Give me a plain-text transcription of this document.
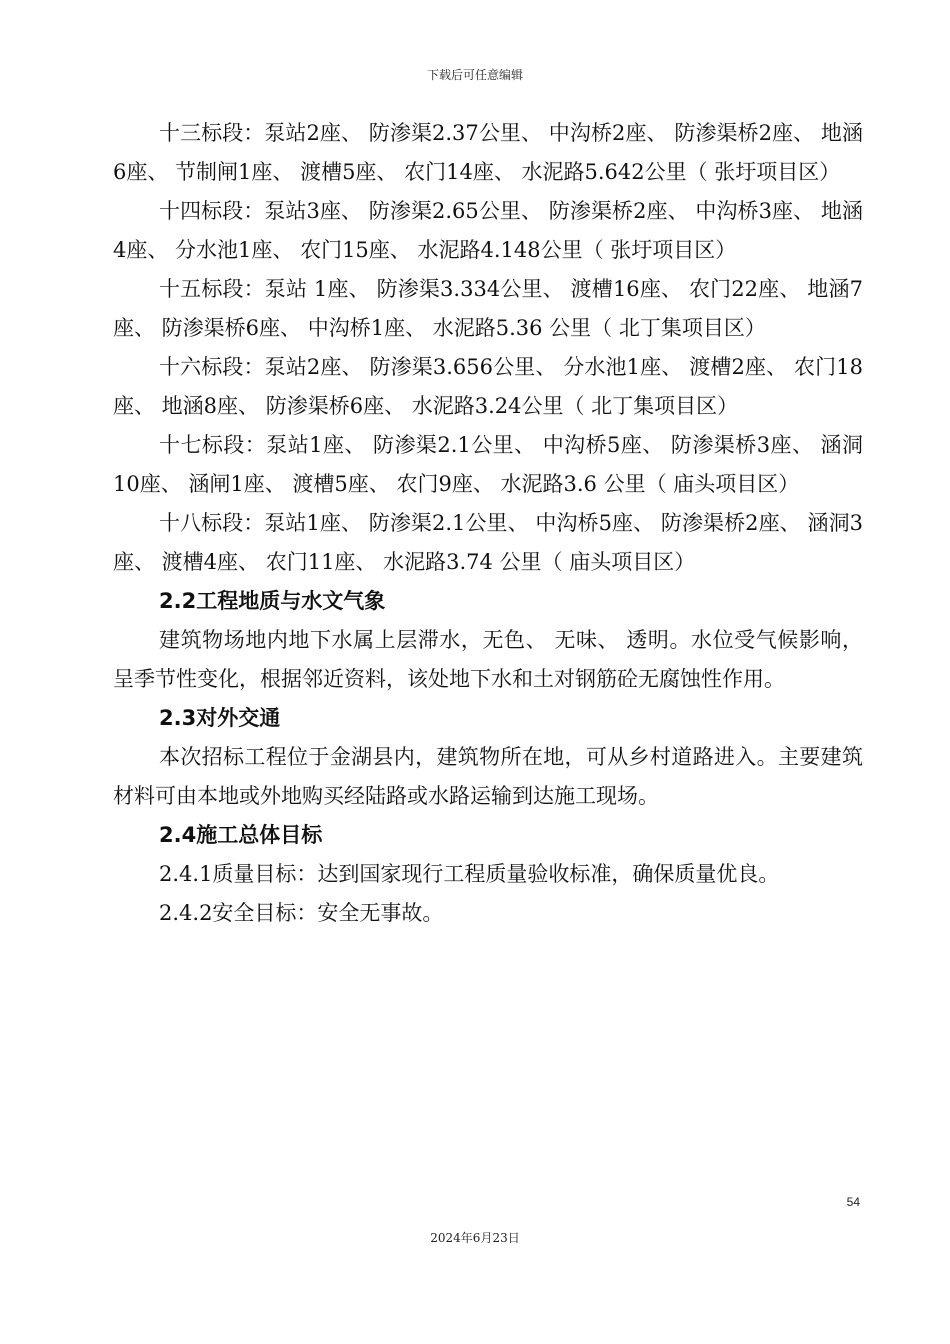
下载后可任意编辑

十三标段：泵站2座、 防渗渠2.37公里、 中沟桥2座、 防渗渠桥2座、 地涵6座、 节制闸1座、 渡槽5座、 农门14座、 水泥路5.642公里（ 张圩项目区）

十四标段：泵站3座、 防渗渠2.65公里、 防渗渠桥2座、 中沟桥3座、 地涵4座、 分水池1座、 农门15座、 水泥路4.148公里（ 张圩项目区）

十五标段：泵站 1座、 防渗渠3.334公里、 渡槽16座、 农门22座、 地涵7座、 防渗渠桥6座、 中沟桥1座、 水泥路5.36 公里（ 北丁集项目区）

十六标段：泵站2座、 防渗渠3.656公里、 分水池1座、 渡槽2座、 农门18座、 地涵8座、 防渗渠桥6座、 水泥路3.24公里（ 北丁集项目区）

十七标段：泵站1座、 防渗渠2.1公里、 中沟桥5座、 防渗渠桥3座、 涵洞10座、 涵闸1座、 渡槽5座、 农门9座、 水泥路3.6 公里（ 庙头项目区）

十八标段：泵站1座、 防渗渠2.1公里、 中沟桥5座、 防渗渠桥2座、 涵洞3座、 渡槽4座、 农门11座、 水泥路3.74 公里（ 庙头项目区）

2.2工程地质与水文气象

建筑物场地内地下水属上层滞水，无色、 无味、 透明。水位受气候影响，呈季节性变化，根据邻近资料，该处地下水和土对钢筋砼无腐蚀性作用。

2.3对外交通

本次招标工程位于金湖县内，建筑物所在地，可从乡村道路进入。主要建筑材料可由本地或外地购买经陆路或水路运输到达施工现场。

2.4施工总体目标

2.4.1质量目标：达到国家现行工程质量验收标准，确保质量优良。

2.4.2安全目标：安全无事故。

54
2024年6月23日
